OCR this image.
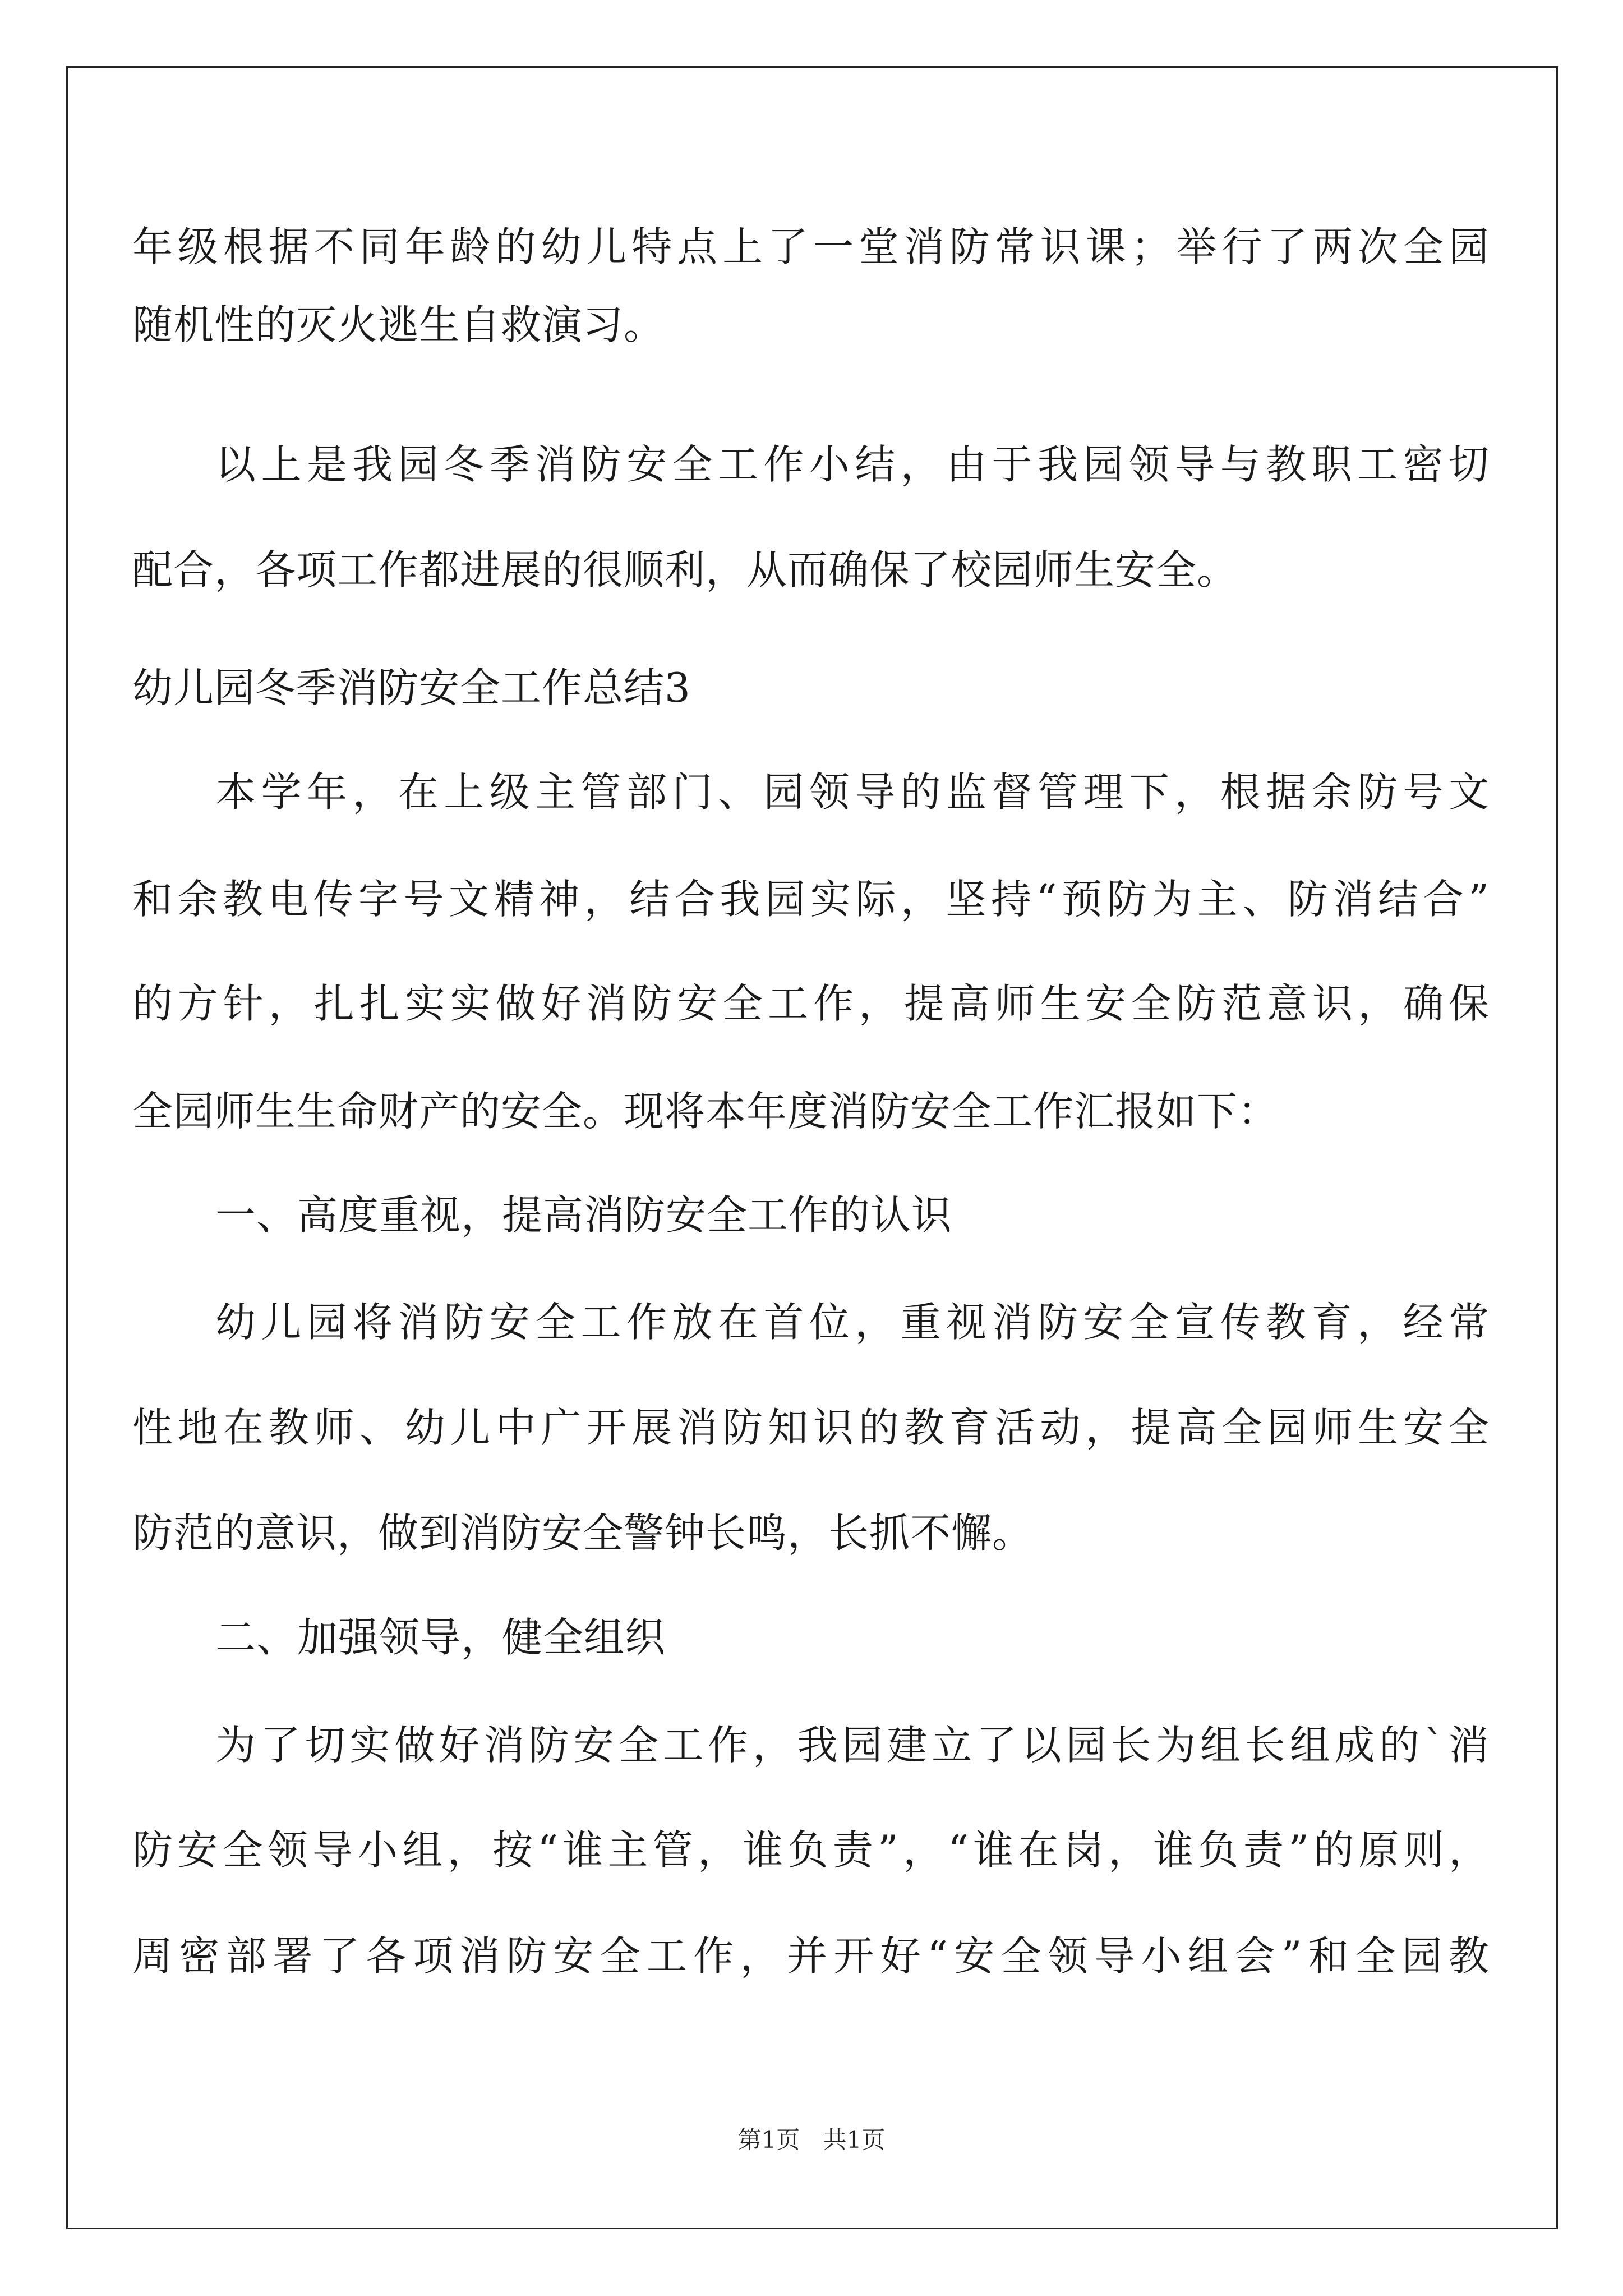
年级根据不同年龄的幼儿特点上了一堂消防常识课；举行了两次全园
随机性的灭火逃生自救演习。
以上是我园冬季消防安全工作小结，由于我园领导与教职工密切
配合，各项工作都进展的很顺利，从而确保了校园师生安全。
幼儿园冬季消防安全工作总结3
本学年，在上级主管部门、园领导的监督管理下，根据余防号文
和余教电传字号文精神，结合我园实际，坚持“预防为主、防消结合”
的方针，扎扎实实做好消防安全工作，提高师生安全防范意识，确保
全园师生生命财产的安全。现将本年度消防安全工作汇报如下：
一、高度重视，提高消防安全工作的认识
幼儿园将消防安全工作放在首位，重视消防安全宣传教育，经常
性地在教师、幼儿中广开展消防知识的教育活动，提高全园师生安全
防范的意识，做到消防安全警钟长鸣，长抓不懈。
二、加强领导，健全组织
为了切实做好消防安全工作，我园建立了以园长为组长组成的`消
防安全领导小组，按“谁主管，谁负责”，“谁在岗，谁负责”的原则，
周密部署了各项消防安全工作，并开好“安全领导小组会”和全园教
第1页 共1页
